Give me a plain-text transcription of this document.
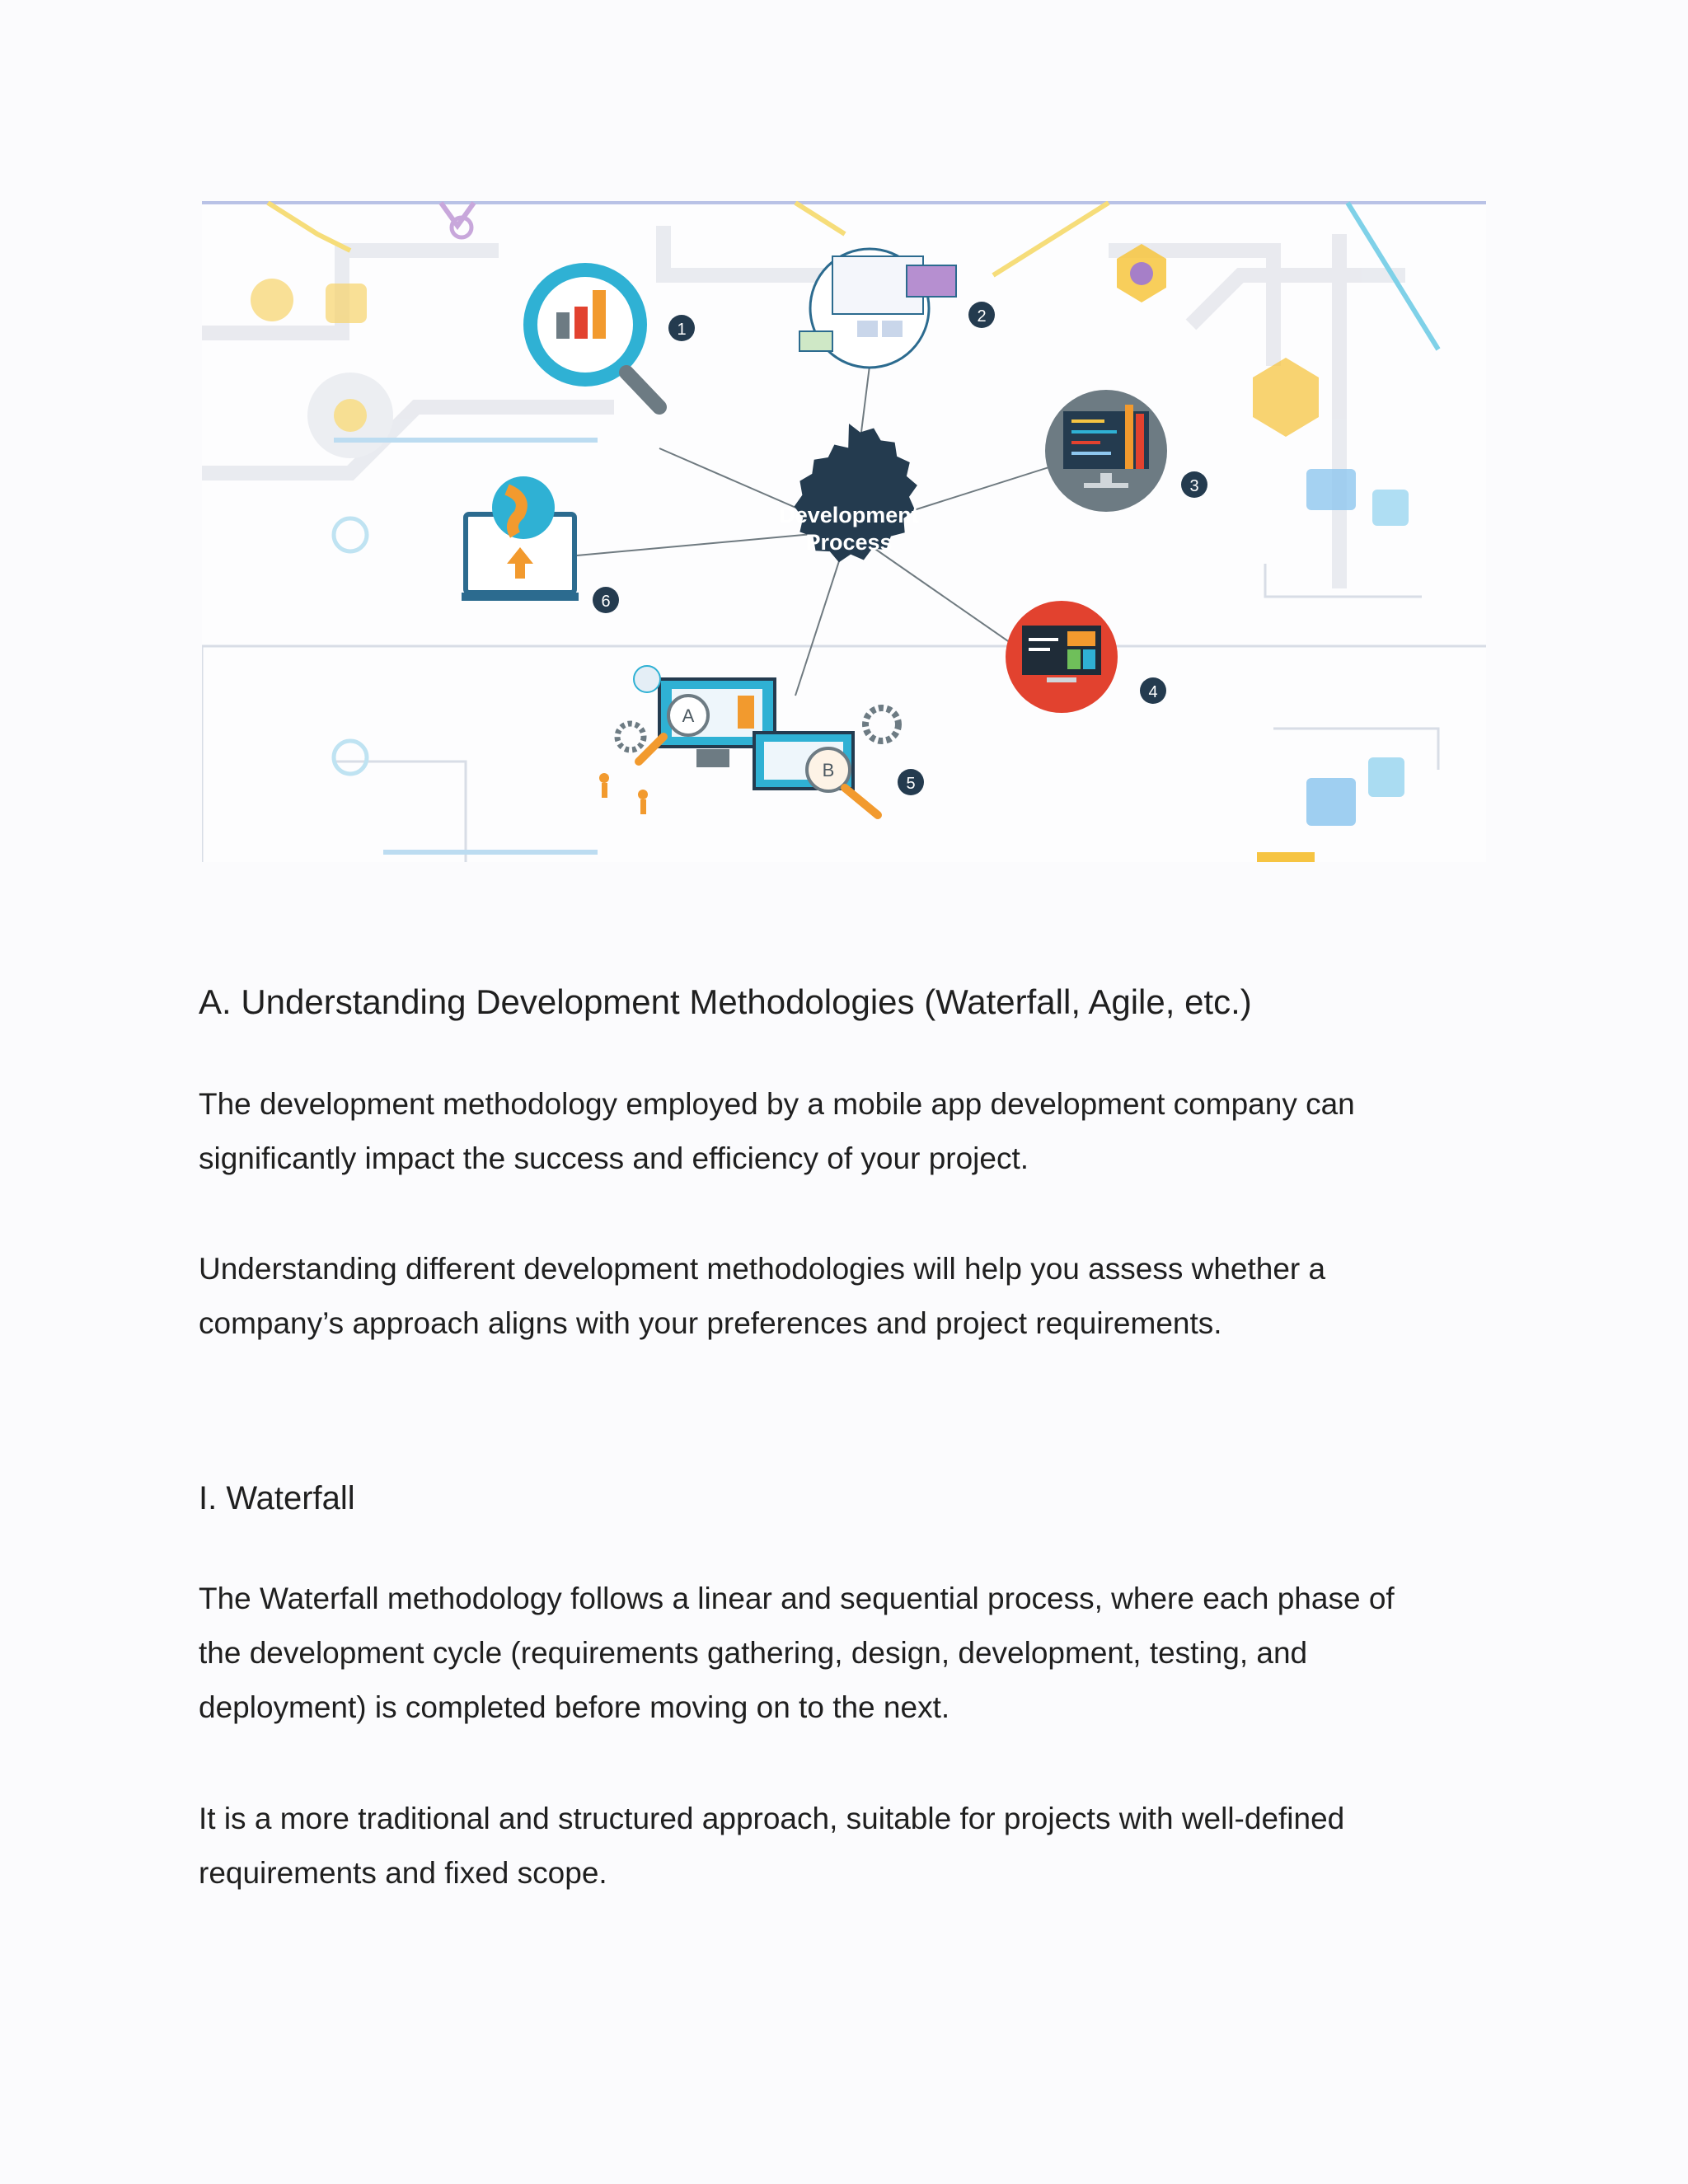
Development
Process
1
2
3
4
A
B
5
6
A. Understanding Development Methodologies (Waterfall, Agile, etc.)

The development methodology employed by a mobile app development company can

significantly impact the success and efficiency of your project.

Understanding different development methodologies will help you assess whether a

company’s approach aligns with your preferences and project requirements.

I. Waterfall

The Waterfall methodology follows a linear and sequential process, where each phase of

the development cycle (requirements gathering, design, development, testing, and

deployment) is completed before moving on to the next.

It is a more traditional and structured approach, suitable for projects with well-defined

requirements and fixed scope.
